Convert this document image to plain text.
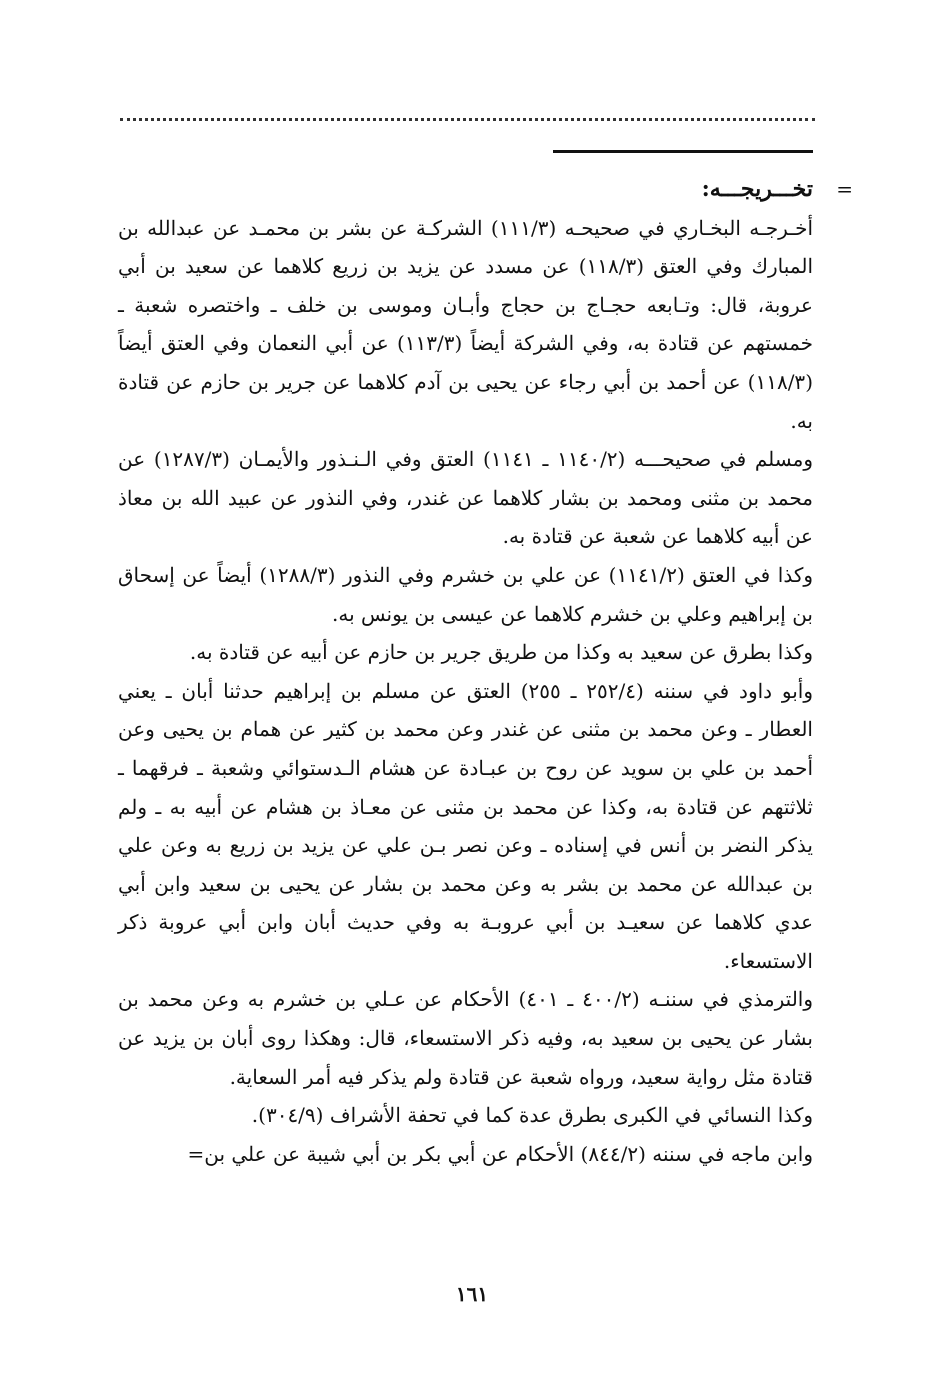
تخـــريجـــه: =

أخـرجـه البخـاري في صحيحـه (١١١/٣) الشركـة عن بشر بن محمـد عن عبدالله بن المبارك وفي العتق (١١٨/٣) عن مسدد عن يزيد بن زريع كلاهما عن سعيد بن أبي عروبة، قال: وتـابعه حجـاج بن حجاج وأبـان وموسى بن خلف ـ واختصره شعبة ـ خمستهم عن قتادة به، وفي الشركة أيضاً (١١٣/٣) عن أبي النعمان وفي العتق أيضاً (١١٨/٣) عن أحمد بن أبي رجاء عن يحيى بن آدم كلاهما عن جرير بن حازم عن قتادة به.

ومسلم في صحيحـــه (١١٤٠/٢ ـ ١١٤١) العتق وفي الـنـذور والأيمـان (١٢٨٧/٣) عن محمد بن مثنى ومحمد بن بشار كلاهما عن غندر، وفي النذور عن عبيد الله بن معاذ عن أبيه كلاهما عن شعبة عن قتادة به.

وكذا في العتق (١١٤١/٢) عن علي بن خشرم وفي النذور (١٢٨٨/٣) أيضاً عن إسحاق بن إبراهيم وعلي بن خشرم كلاهما عن عيسى بن يونس به.

وكذا بطرق عن سعيد به وكذا من طريق جرير بن حازم عن أبيه عن قتادة به.

وأبو داود في سننه (٢٥٢/٤ ـ ٢٥٥) العتق عن مسلم بن إبراهيم حدثنا أبان ـ يعني العطار ـ وعن محمد بن مثنى عن غندر وعن محمد بن كثير عن همام بن يحيى وعن أحمد بن علي بن سويد عن روح بن عبـادة عن هشام الـدستوائي وشعبة ـ فرقهما ـ ثلاثتهم عن قتادة به، وكذا عن محمد بن مثنى عن معـاذ بن هشام عن أبيه به ـ ولم يذكر النضر بن أنس في إسناده ـ وعن نصر بـن علي عن يزيد بن زريع به وعن علي بن عبدالله عن محمد بن بشر به وعن محمد بن بشار عن يحيى بن سعيد وابن أبي عدي كلاهما عن سعيـد بن أبي عروبـة به وفي حديث أبان وابن أبي عروبة ذكر الاستسعاء.

والترمذي في سننـه (٤٠٠/٢ ـ ٤٠١) الأحكام عن عـلي بن خشرم به وعن محمد بن بشار عن يحيى بن سعيد به، وفيه ذكر الاستسعاء، قال: وهكذا روى أبان بن يزيد عن قتادة مثل رواية سعيد، ورواه شعبة عن قتادة ولم يذكر فيه أمر السعاية.

وكذا النسائي في الكبرى بطرق عدة كما في تحفة الأشراف (٣٠٤/٩).

وابن ماجه في سننه (٨٤٤/٢) الأحكام عن أبي بكر بن أبي شيبة عن علي بن=

١٦١
